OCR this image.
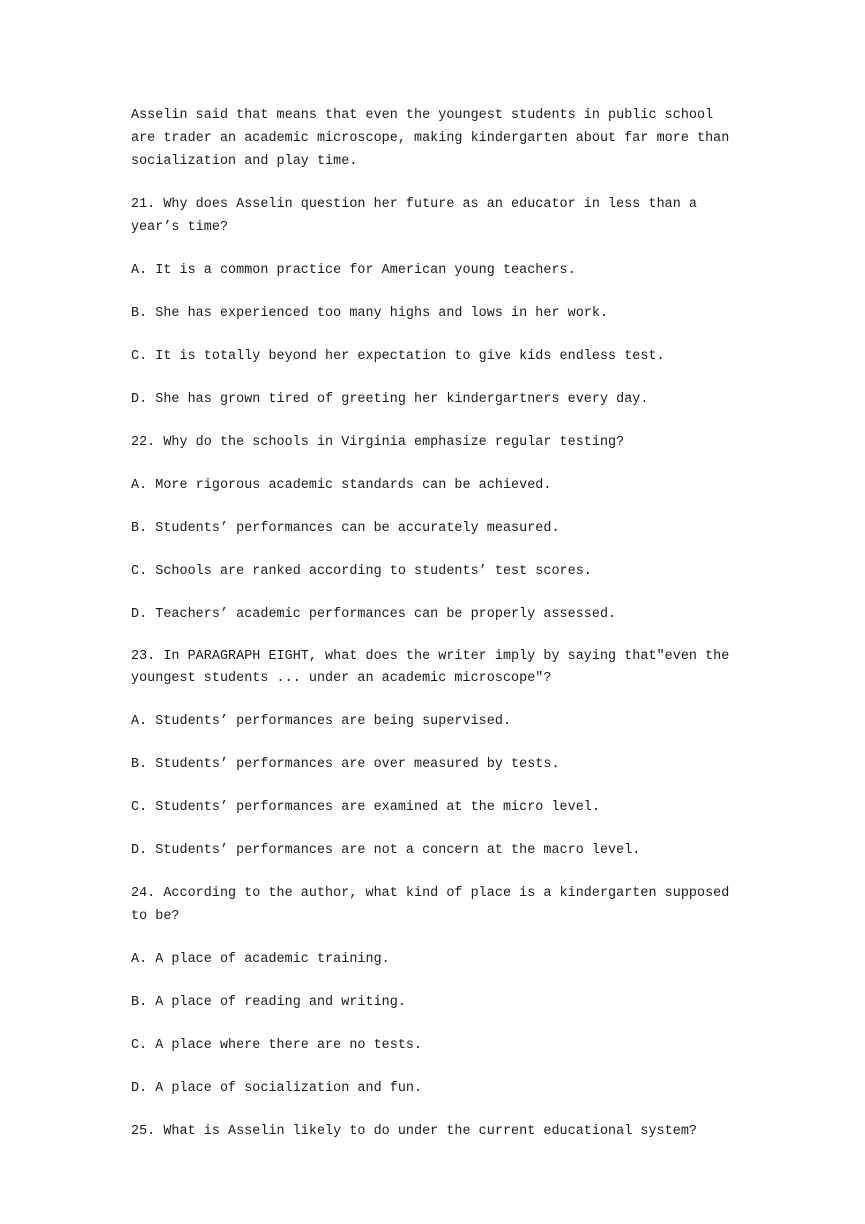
Asselin said that means that even the youngest students in public school are trader an academic microscope, making kindergarten about far more than socialization and play time.

21. Why does Asselin question her future as an educator in less than a year’s time?

A. It is a common practice for American young teachers.

B. She has experienced too many highs and lows in her work.

C. It is totally beyond her expectation to give kids endless test.

D. She has grown tired of greeting her kindergartners every day.

22. Why do the schools in Virginia emphasize regular testing?

A. More rigorous academic standards can be achieved.

B. Students’ performances can be accurately measured.

C. Schools are ranked according to students’ test scores.

D. Teachers’ academic performances can be properly assessed.

23. In PARAGRAPH EIGHT, what does the writer imply by saying that"even the youngest students ... under an academic microscope"?

A. Students’ performances are being supervised.

B. Students’ performances are over measured by tests.

C. Students’ performances are examined at the micro level.

D. Students’ performances are not a concern at the macro level.

24. According to the author, what kind of place is a kindergarten supposed to be?

A. A place of academic training.

B. A place of reading and writing.

C. A place where there are no tests.

D. A place of socialization and fun.

25. What is Asselin likely to do under the current educational system?
